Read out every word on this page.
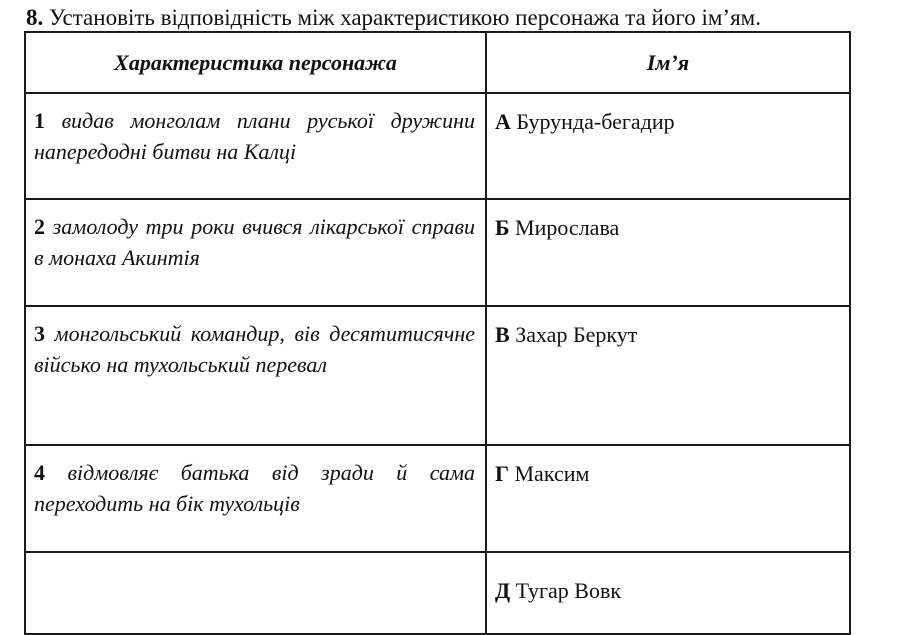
8. Установіть відповідність між характеристикою персонажа та його ім’ям.
Характеристика персонажа	Ім’я
1 видав монголам плани руської дружини напередодні битви на Калці	А Бурунда-бегадир
2 замолоду три роки вчився лікарської справи в монаха Акинтія	Б Мирослава
3 монгольський командир, вів десятитисячне військо на тухольський перевал	В Захар Беркут
4 відмовляє батька від зради й сама переходить на бік тухольців	Г Максим
	Д Тугар Вовк
